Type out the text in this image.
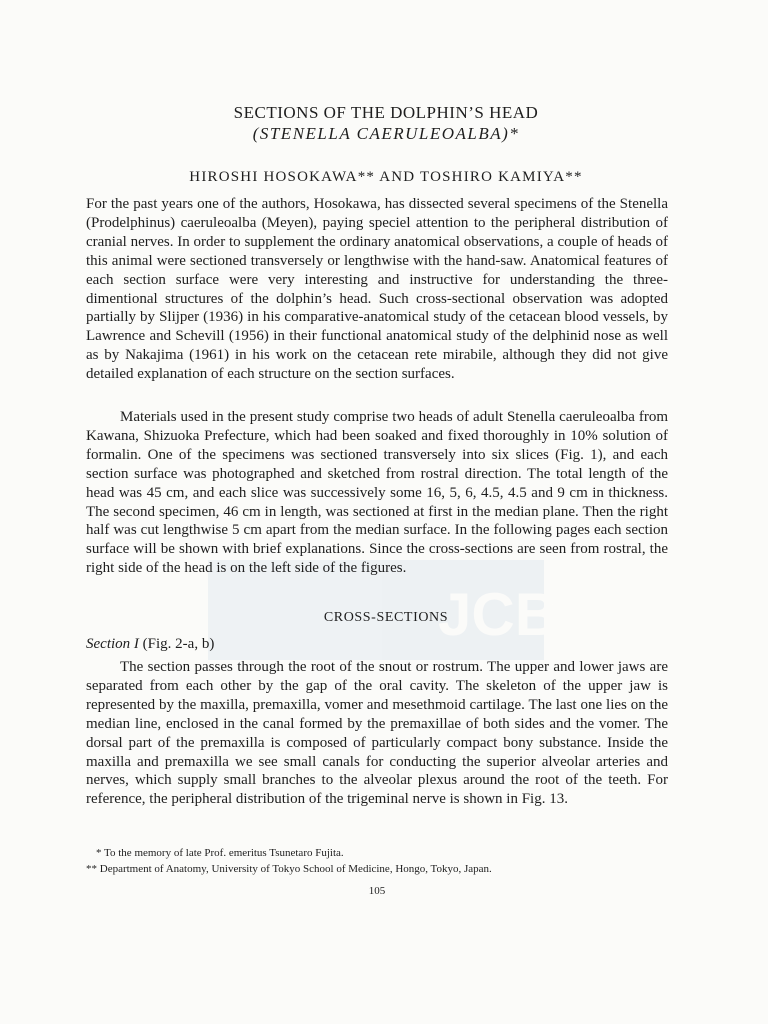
JCB
SECTIONS OF THE DOLPHIN’S HEAD
(STENELLA CAERULEOALBA)*
HIROSHI HOSOKAWA** AND TOSHIRO KAMIYA**
For the past years one of the authors, Hosokawa, has dissected several specimens of the Stenella (Prodelphinus) caeruleoalba (Meyen), paying speciel attention to the peripheral distribution of cranial nerves. In order to supplement the ordinary anatomical observations, a couple of heads of this animal were sectioned transversely or lengthwise with the hand-saw. Anatomical features of each section surface were very interesting and instructive for understanding the three-dimentional structures of the dolphin’s head. Such cross-sectional observation was adopted partially by Slijper (1936) in his comparative-anatomical study of the cetacean blood vessels, by Lawrence and Schevill (1956) in their functional anatomical study of the delphinid nose as well as by Nakajima (1961) in his work on the cetacean rete mirabile, although they did not give detailed explanation of each structure on the section surfaces.
Materials used in the present study comprise two heads of adult Stenella caeruleoalba from Kawana, Shizuoka Prefecture, which had been soaked and fixed thoroughly in 10% solution of formalin. One of the specimens was sectioned transversely into six slices (Fig. 1), and each section surface was photographed and sketched from rostral direction. The total length of the head was 45 cm, and each slice was successively some 16, 5, 6, 4.5, 4.5 and 9 cm in thickness. The second specimen, 46 cm in length, was sectioned at first in the median plane. Then the right half was cut lengthwise 5 cm apart from the median surface. In the following pages each section surface will be shown with brief explanations. Since the cross-sections are seen from rostral, the right side of the head is on the left side of the figures.
CROSS-SECTIONS
Section I (Fig. 2-a, b)
The section passes through the root of the snout or rostrum. The upper and lower jaws are separated from each other by the gap of the oral cavity. The skeleton of the upper jaw is represented by the maxilla, premaxilla, vomer and mesethmoid cartilage. The last one lies on the median line, enclosed in the canal formed by the premaxillae of both sides and the vomer. The dorsal part of the premaxilla is composed of particularly compact bony substance. Inside the maxilla and premaxilla we see small canals for conducting the superior alveolar arteries and nerves, which supply small branches to the alveolar plexus around the root of the teeth. For reference, the peripheral distribution of the trigeminal nerve is shown in Fig. 13.
* To the memory of late Prof. emeritus Tsunetaro Fujita.
** Department of Anatomy, University of Tokyo School of Medicine, Hongo, Tokyo, Japan.
105
